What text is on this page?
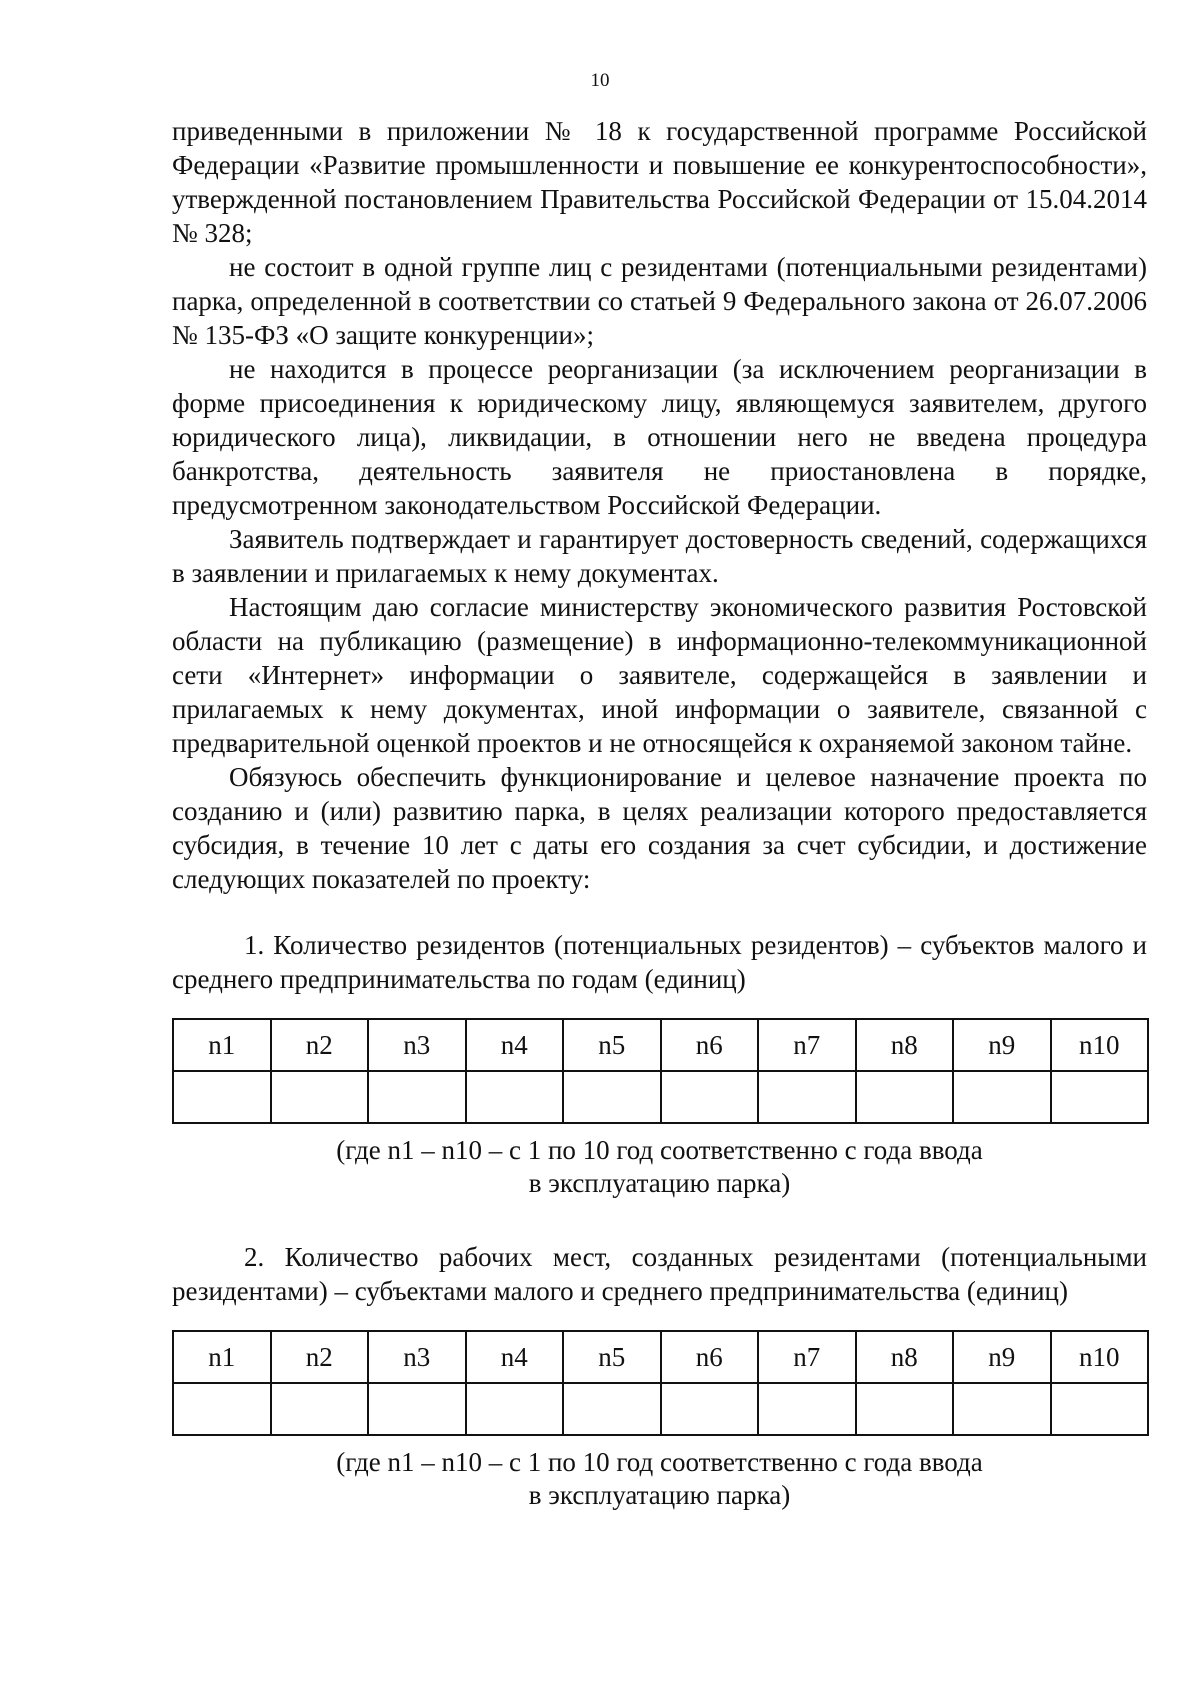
10

приведенными в приложении № 18 к государственной программе Российской Федерации «Развитие промышленности и повышение ее конкурентоспособности», утвержденной постановлением Правительства Российской Федерации от 15.04.2014 № 328;

не состоит в одной группе лиц с резидентами (потенциальными резидентами) парка, определенной в соответствии со статьей 9 Федерального закона от 26.07.2006 № 135-ФЗ «О защите конкуренции»;

не находится в процессе реорганизации (за исключением реорганизации в форме присоединения к юридическому лицу, являющемуся заявителем, другого юридического лица), ликвидации, в отношении него не введена процедура банкротства, деятельность заявителя не приостановлена в порядке, предусмотренном законодательством Российской Федерации.

Заявитель подтверждает и гарантирует достоверность сведений, содержащихся в заявлении и прилагаемых к нему документах.

Настоящим даю согласие министерству экономического развития Ростовской области на публикацию (размещение) в информационно-телекоммуникационной сети «Интернет» информации о заявителе, содержащейся в заявлении и прилагаемых к нему документах, иной информации о заявителе, связанной с предварительной оценкой проектов и не относящейся к охраняемой законом тайне.

Обязуюсь обеспечить функционирование и целевое назначение проекта по созданию и (или) развитию парка, в целях реализации которого предоставляется субсидия, в течение 10 лет с даты его создания за счет субсидии, и достижение следующих показателей по проекту:

1. Количество резидентов (потенциальных резидентов) – субъектов малого и среднего предпринимательства по годам (единиц)

n1	n2	n3	n4	n5	n6	n7	n8	n9	n10

(где n1 – n10 – с 1 по 10 год соответственно с года ввода
в эксплуатацию парка)

2. Количество рабочих мест, созданных резидентами (потенциальными резидентами) – субъектами малого и среднего предпринимательства (единиц)

n1	n2	n3	n4	n5	n6	n7	n8	n9	n10

(где n1 – n10 – с 1 по 10 год соответственно с года ввода
в эксплуатацию парка)
